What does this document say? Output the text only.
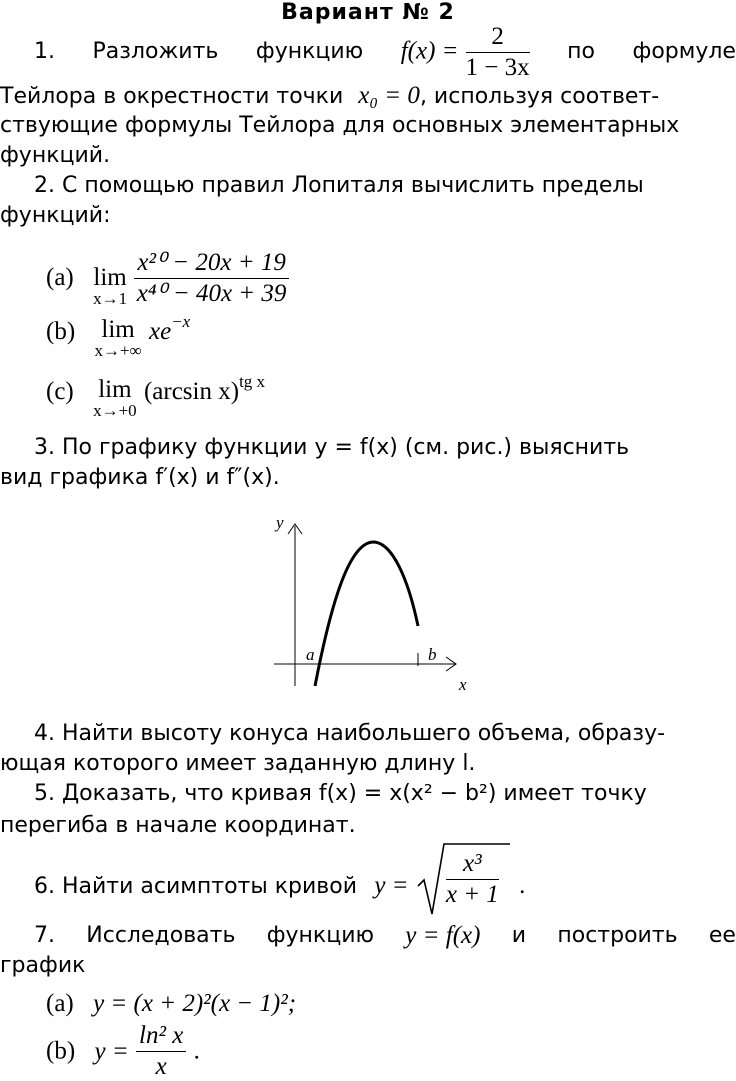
Вариант № 2
1. Разложить функцию $f(x) = \frac{2}{1 - 3x}$ по формуле
Тейлора в окрестности точки x₀ = 0, используя соответ-
ствующие формулы Тейлора для основных элементарных
функций.
2. С помощью правил Лопиталя вычислить пределы
функций:
(a) lim
x→1
$\frac{\text{x²⁰ − 20x + 19}}{\text{x⁴⁰ − 40x + 39}}$
(b) lim
x→+∞
$xe^{-x}$
(c) lim
x→+0
(arcsin x)$^{tg x}$
3. По графику функции y = f(x) (см. рис.) выяснить
вид графика f′(x) и f″(x).
y
x
a	b
4. Найти высоту конуса наибольшего объема, образу-
ющая которого имеет заданную длину l.
5. Доказать, что кривая f(x) = x(x² − b²) имеет точку
перегиба в начале координат.
6. Найти асимптоты кривой $y = \frac{\text{x³}}{x + 1}$ .
7. Исследовать функцию y = f(x) и построить ее
график
(a) y = (x + 2)²(x − 1)²;
(b) $y = \frac{\text{ln² x}}{x}$ .
